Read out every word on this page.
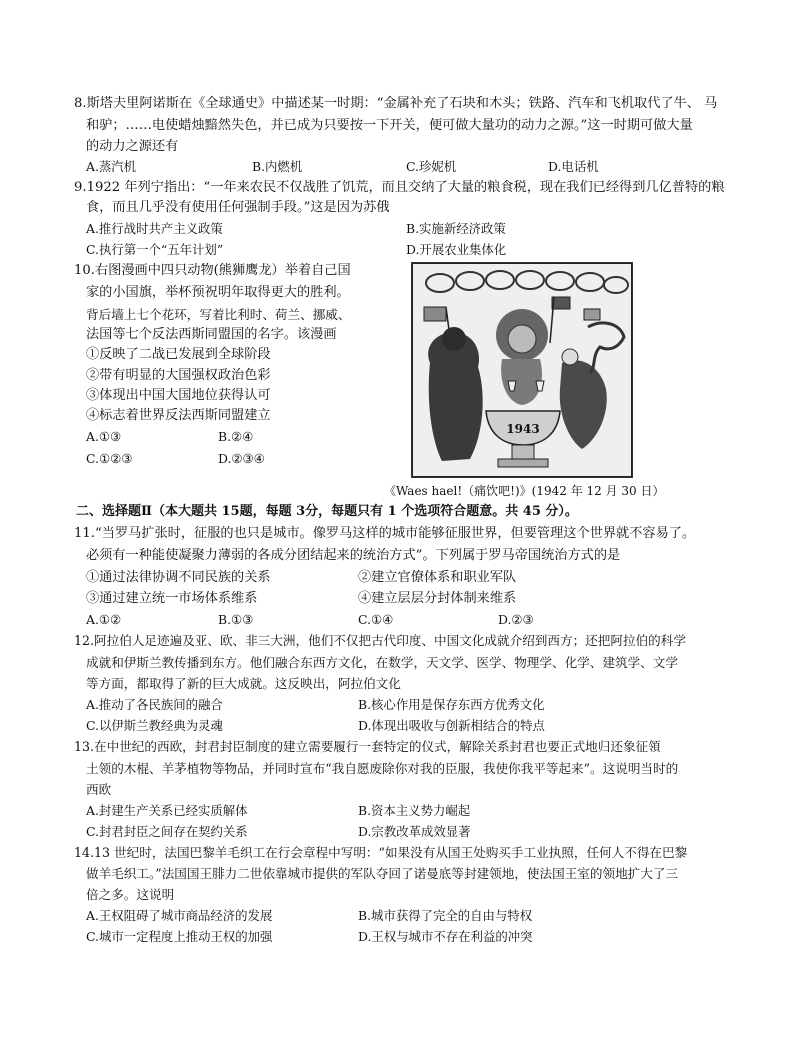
8.斯塔夫里阿诺斯在《全球通史》中描述某一时期：“金属补充了石块和木头；铁路、汽车和飞机取代了牛、 马
和驴；……电使蜡烛黯然失色，并已成为只要按一下开关，便可做大量功的动力之源。”这一时期可做大量
的动力之源还有
A.蒸汽机	B.内燃机	C.珍妮机	D.电话机
9.1922 年列宁指出：“一年来农民不仅战胜了饥荒，而且交纳了大量的粮食税，现在我们已经得到几亿普特的粮
食，而且几乎没有使用任何强制手段。”这是因为苏俄
A.推行战时共产主义政策	B.实施新经济政策
C.执行第一个“五年计划”	D.开展农业集体化
10.右图漫画中四只动物(熊狮鹰龙）举着自己国
家的小国旗，举杯预祝明年取得更大的胜利。
背后墙上七个花环，写着比利时、荷兰、挪威、
法国等七个反法西斯同盟国的名字。该漫画
①反映了二战已发展到全球阶段
②带有明显的大国强权政治色彩
③体现出中国大国地位获得认可
④标志着世界反法西斯同盟建立
A.①③	B.②④
C.①②③	D.②③④
1943
《Waes hael!（痛饮吧!)》(1942 年 12 月 30 日）
二、选择题Ⅱ（本大题共 15题，每题 3分，每题只有 1 个选项符合题意。共 45 分）。
11.“当罗马扩张时，征服的也只是城市。像罗马这样的城市能够征服世界，但要管理这个世界就不容易了。
必须有一种能使凝聚力薄弱的各成分团结起来的统治方式”。下列属于罗马帝国统治方式的是
①通过法律协调不同民族的关系	②建立官僚体系和职业军队
③通过建立统一市场体系维系	④建立层层分封体制来维系
A.①②	B.①③	C.①④	D.②③
12.阿拉伯人足迹遍及亚、欧、非三大洲，他们不仅把古代印度、中国文化成就介绍到西方；还把阿拉伯的科学
成就和伊斯兰教传播到东方。他们融合东西方文化，在数学，天文学、医学、物理学、化学、建筑学、文学
等方面，都取得了新的巨大成就。这反映出，阿拉伯文化
A.推动了各民族间的融合	B.核心作用是保存东西方优秀文化
C.以伊斯兰教经典为灵魂	D.体现出吸收与创新相结合的特点
13.在中世纪的西欧，封君封臣制度的建立需要履行一套特定的仪式，解除关系封君也要正式地归还象征領
土领的木棍、羊茅植物等物品，并同时宣布“我自愿废除你对我的臣服，我使你我平等起来”。这说明当时的
西欧
A.封建生产关系已经实质解体	B.资本主义势力崛起
C.封君封臣之间存在契约关系	D.宗教改革成效显著
14.13 世纪时，法国巴黎羊毛织工在行会章程中写明：“如果没有从国王处购买手工业执照，任何人不得在巴黎
做羊毛织工。”法国国王腓力二世依靠城市提供的军队夺回了诺曼底等封建领地，使法国王室的领地扩大了三
倍之多。这说明
A.王权阻碍了城市商品经济的发展	B.城市获得了完全的自由与特权
C.城市一定程度上推动王权的加强	D.王权与城市不存在利益的冲突
